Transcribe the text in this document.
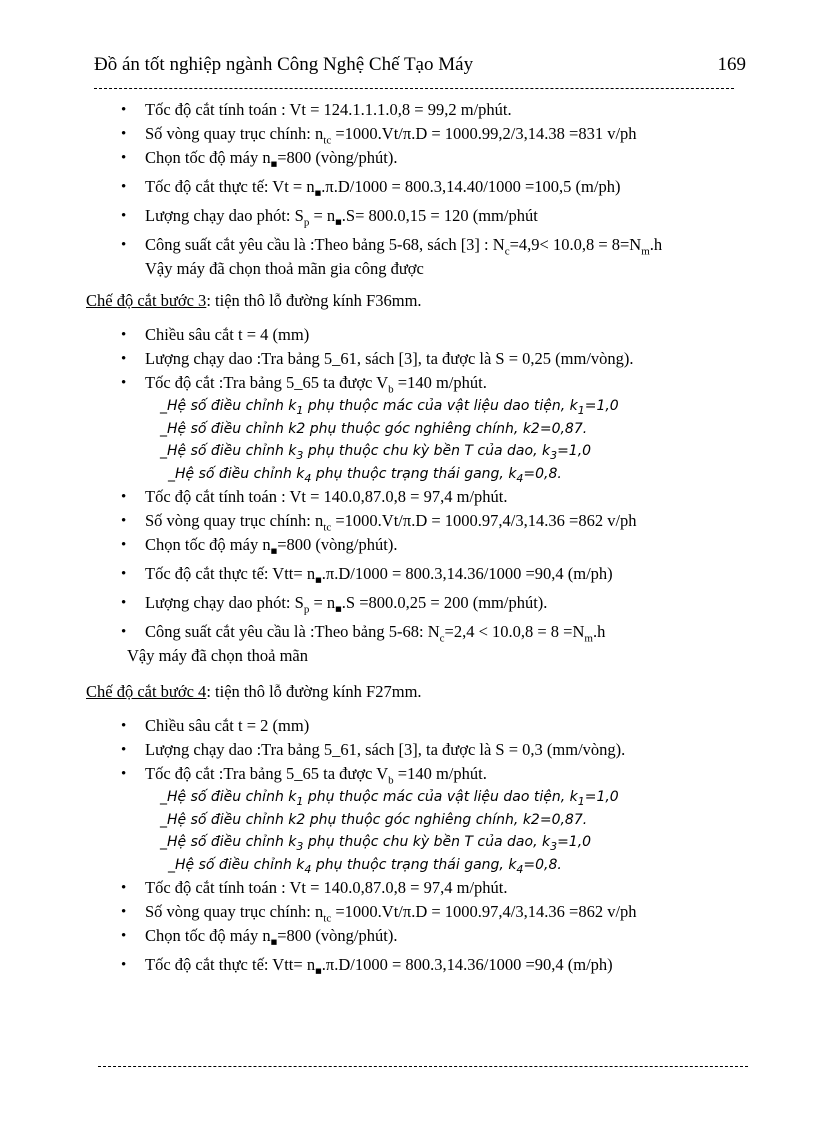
Đồ án tốt nghiệp ngành Công Nghệ Chế Tạo Máy	169
• Tốc độ cắt tính toán : Vt = 124.1.1.1.0,8 = 99,2 m/phút.
• Số vòng quay trục chính: $n_{tc} =1000.Vt/\pi.D = 1000.99,2/3,14.38 =831$ v/ph
• Chọn tốc độ máy $n_■=800$ (vòng/phút).
• Tốc độ cắt thực tế: $Vt = n_■.\pi.D/1000 = 800.3,14.40/1000 =100,5$ (m/ph)
• Lượng chạy dao phót: $S_p = n_■.S= 800.0,15 = 120$ (mm/phút
• Công suất cắt yêu cầu là :Theo bảng 5-68, sách [3] : $N_c=4,9< 10.0,8 = 8=N_m.h$
Vậy máy đã chọn thoả mãn gia công được
Chế độ cắt bước 3: tiện thô lỗ đường kính F36mm.
• Chiều sâu cắt t = 4 (mm)
• Lượng chạy dao :Tra bảng 5_61, sách [3], ta được là S = 0,25 (mm/vòng).
• Tốc độ cắt :Tra bảng 5_65 ta được $V_b =140$ m/phút.
_Hệ số điều chỉnh $k_1$ phụ thuộc mác của vật liệu dao tiện, $k_1=1,0$
_Hệ số điều chỉnh k2 phụ thuộc góc nghiêng chính, k2=0,87.
_Hệ số điều chỉnh $k_3$ phụ thuộc chu kỳ bền T của dao, $k_3=1,0$
_Hệ số điều chỉnh $k_4$ phụ thuộc trạng thái gang, $k_4=0,8$.
• Tốc độ cắt tính toán : Vt = 140.0,87.0,8 = 97,4 m/phút.
• Số vòng quay trục chính: $n_{tc} =1000.Vt/\pi.D = 1000.97,4/3,14.36 =862$ v/ph
• Chọn tốc độ máy $n_■=800$ (vòng/phút).
• Tốc độ cắt thực tế: $Vtt= n_■.\pi.D/1000 = 800.3,14.36/1000 =90,4$ (m/ph)
• Lượng chạy dao phót: $S_p = n_■.S =800.0,25 = 200$ (mm/phút).
• Công suất cắt yêu cầu là :Theo bảng 5-68: $N_c=2,4 < 10.0,8 = 8 =N_m.h$
Vậy máy đã chọn thoả mãn
Chế độ cắt bước 4: tiện thô lỗ đường kính F27mm.
• Chiều sâu cắt t = 2 (mm)
• Lượng chạy dao :Tra bảng 5_61, sách [3], ta được là S = 0,3 (mm/vòng).
• Tốc độ cắt :Tra bảng 5_65 ta được $V_b =140$ m/phút.
_Hệ số điều chỉnh $k_1$ phụ thuộc mác của vật liệu dao tiện, $k_1=1,0$
_Hệ số điều chỉnh k2 phụ thuộc góc nghiêng chính, k2=0,87.
_Hệ số điều chỉnh $k_3$ phụ thuộc chu kỳ bền T của dao, $k_3=1,0$
_Hệ số điều chỉnh $k_4$ phụ thuộc trạng thái gang, $k_4=0,8$.
• Tốc độ cắt tính toán : Vt = 140.0,87.0,8 = 97,4 m/phút.
• Số vòng quay trục chính: $n_{tc} =1000.Vt/\pi.D = 1000.97,4/3,14.36 =862$ v/ph
• Chọn tốc độ máy $n_■=800$ (vòng/phút).
• Tốc độ cắt thực tế: $Vtt= n_■.\pi.D/1000 = 800.3,14.36/1000 =90,4$ (m/ph)
